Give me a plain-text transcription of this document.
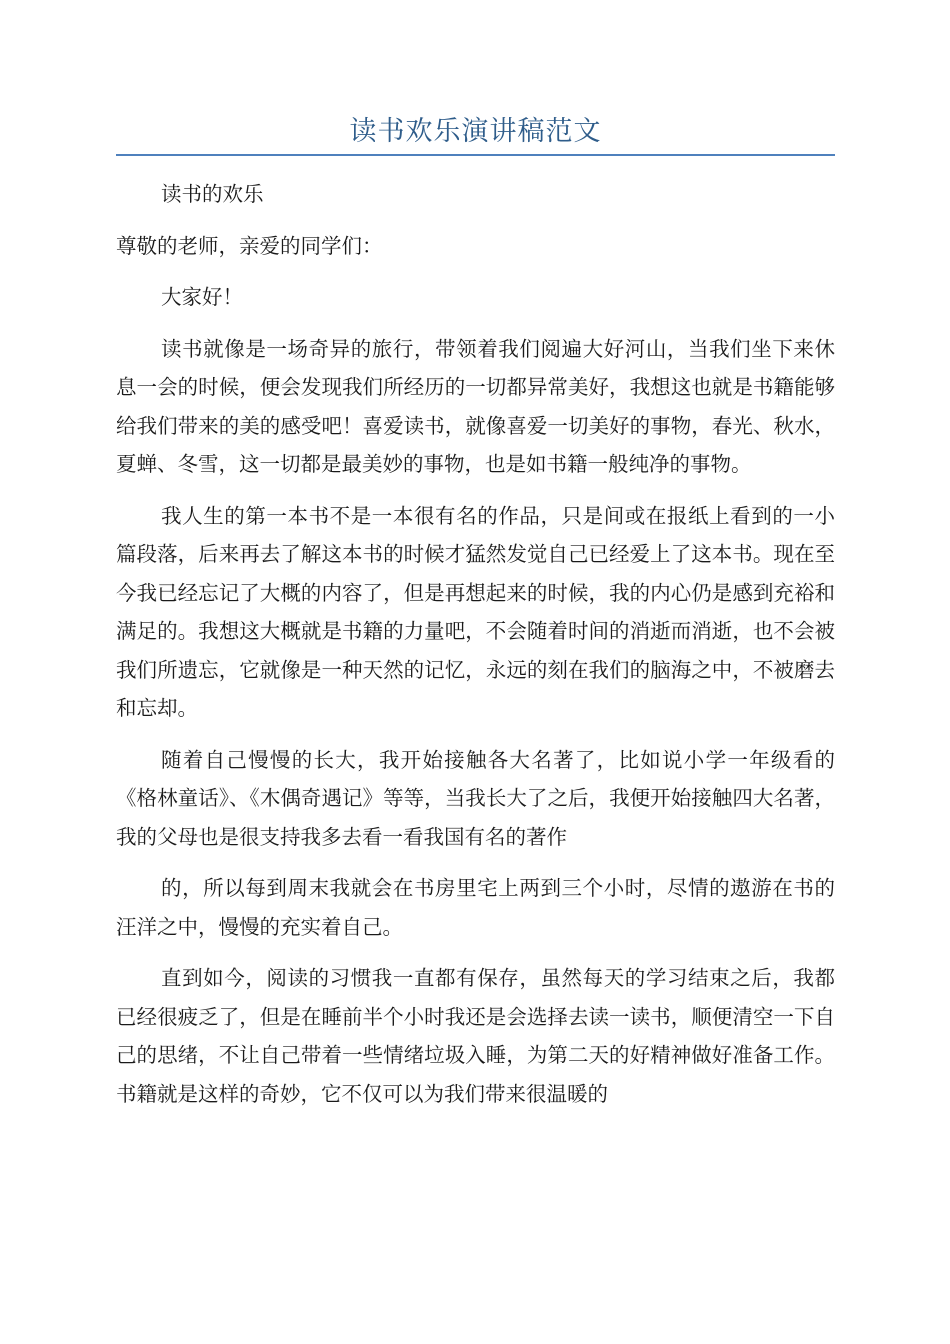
读书欢乐演讲稿范文

读书的欢乐

尊敬的老师，亲爱的同学们：

大家好！

读书就像是一场奇异的旅行，带领着我们阅遍大好河山，当我们坐下来休息一会的时候，便会发现我们所经历的一切都异常美好，我想这也就是书籍能够给我们带来的美的感受吧！喜爱读书，就像喜爱一切美好的事物，春光、秋水，夏蝉、冬雪，这一切都是最美妙的事物，也是如书籍一般纯净的事物。

我人生的第一本书不是一本很有名的作品，只是间或在报纸上看到的一小篇段落，后来再去了解这本书的时候才猛然发觉自己已经爱上了这本书。现在至今我已经忘记了大概的内容了，但是再想起来的时候，我的内心仍是感到充裕和满足的。我想这大概就是书籍的力量吧，不会随着时间的消逝而消逝，也不会被我们所遗忘，它就像是一种天然的记忆，永远的刻在我们的脑海之中，不被磨去和忘却。

随着自己慢慢的长大，我开始接触各大名著了，比如说小学一年级看的《格林童话》、《木偶奇遇记》等等，当我长大了之后，我便开始接触四大名著，我的父母也是很支持我多去看一看我国有名的著作

的，所以每到周末我就会在书房里宅上两到三个小时，尽情的遨游在书的汪洋之中，慢慢的充实着自己。

直到如今，阅读的习惯我一直都有保存，虽然每天的学习结束之后，我都已经很疲乏了，但是在睡前半个小时我还是会选择去读一读书，顺便清空一下自己的思绪，不让自己带着一些情绪垃圾入睡，为第二天的好精神做好准备工作。书籍就是这样的奇妙，它不仅可以为我们带来很温暖的
